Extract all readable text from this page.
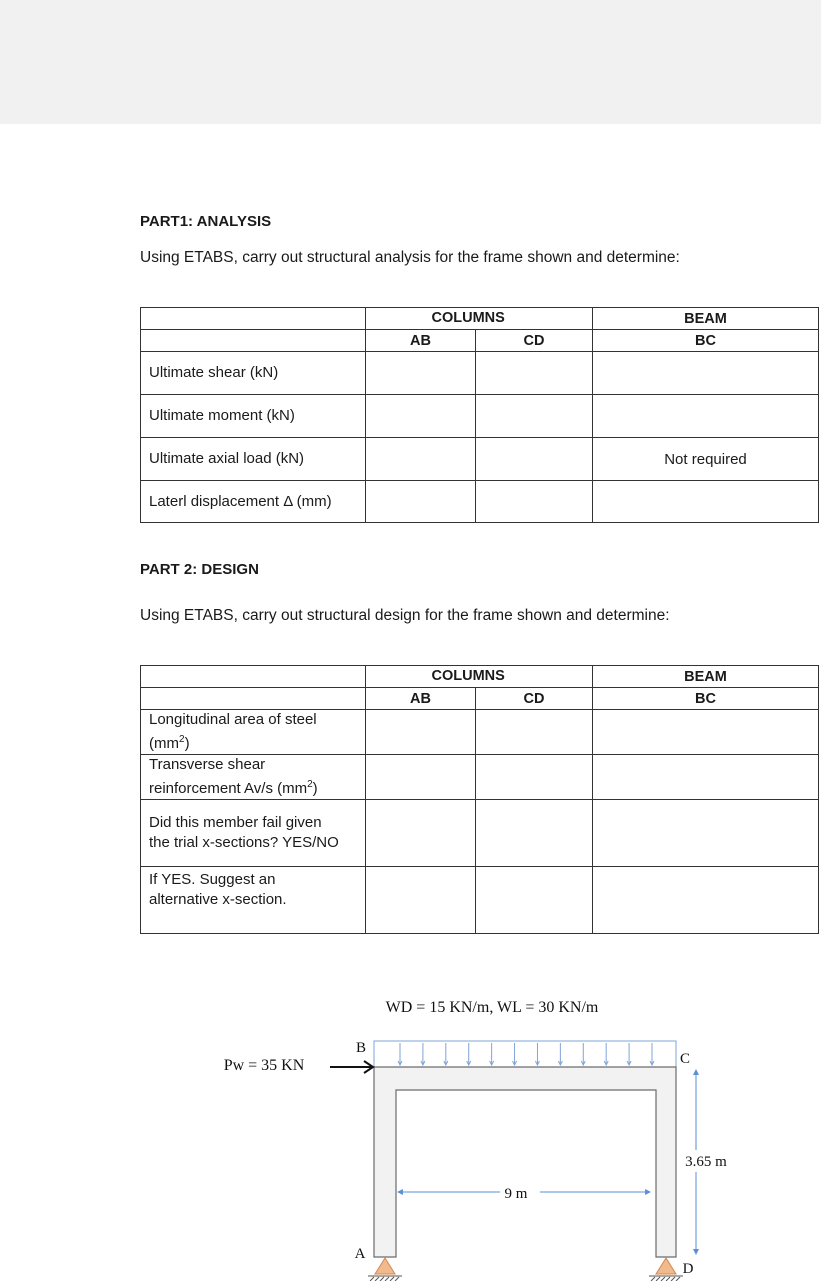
PART1: ANALYSIS
Using ETABS, carry out structural analysis for the frame shown and determine:

		COLUMNS	BEAM
	AB	CD	BC
Ultimate shear (kN)			
Ultimate moment (kN)			
Ultimate axial load (kN)			Not required
Laterl displacement Δ (mm)			
PART 2: DESIGN
Using ETABS, carry out structural design for the frame shown and determine:

		COLUMNS	BEAM
	AB	CD	BC
Longitudinal area of steel $(mm^2)$			
Transverse shear reinforcement Av/s $(mm^2)$			
Did this member fail given the trial x-sections? YES/NO			
If YES. Suggest an alternative x-section.			
WD = 15 KN/m, WL = 30 KN/m
Pw = 35 KN
B
C
A
D
9 m
3.65 m
